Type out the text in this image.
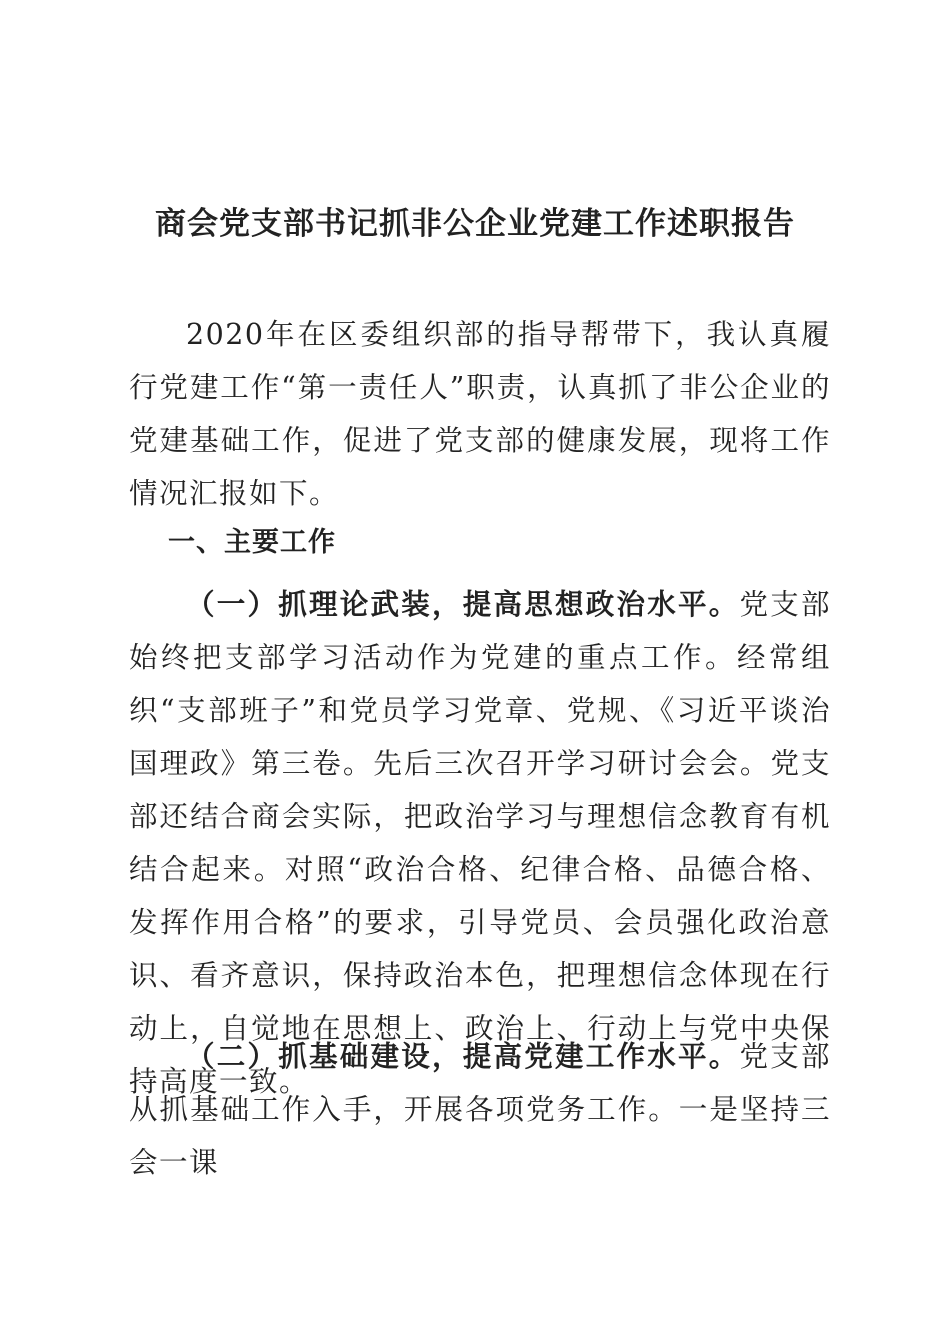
商会党支部书记抓非公企业党建工作述职报告

2020年在区委组织部的指导帮带下，我认真履行党建工作“第一责任人”职责，认真抓了非公企业的党建基础工作，促进了党支部的健康发展，现将工作情况汇报如下。

一、主要工作

（一）抓理论武装，提高思想政治水平。党支部始终把支部学习活动作为党建的重点工作。经常组织“支部班子”和党员学习党章、党规、《习近平谈治国理政》第三卷。先后三次召开学习研讨会会。党支部还结合商会实际，把政治学习与理想信念教育有机结合起来。对照“政治合格、纪律合格、品德合格、发挥作用合格”的要求，引导党员、会员强化政治意识、看齐意识，保持政治本色，把理想信念体现在行动上，自觉地在思想上、政治上、行动上与党中央保持高度一致。

（二）抓基础建设，提高党建工作水平。党支部从抓基础工作入手，开展各项党务工作。一是坚持三会一课
